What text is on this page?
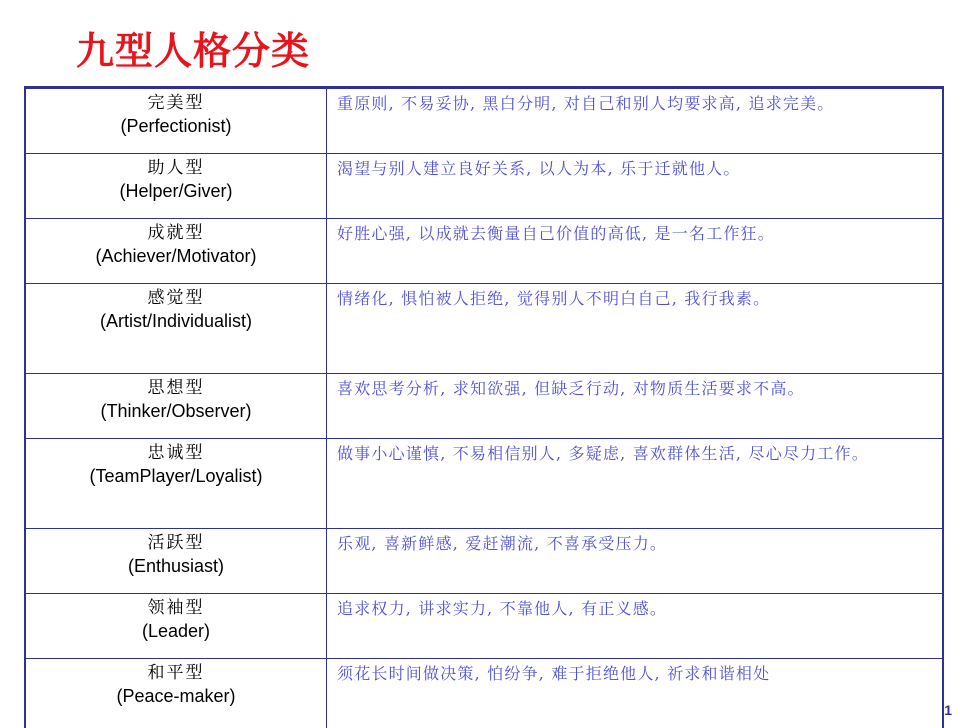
九型人格分类
完美型
(Perfectionist)	重原则, 不易妥协, 黑白分明, 对自己和别人均要求高, 追求完美。

助人型
(Helper/Giver)	渴望与别人建立良好关系, 以人为本, 乐于迁就他人。

成就型
(Achiever/Motivator)	好胜心强, 以成就去衡量自己价值的高低, 是一名工作狂。

感觉型
(Artist/Individualist)	情绪化, 惧怕被人拒绝, 觉得别人不明白自己, 我行我素。

思想型
(Thinker/Observer)	喜欢思考分析, 求知欲强, 但缺乏行动, 对物质生活要求不高。

忠诚型
(TeamPlayer/Loyalist)	做事小心谨慎, 不易相信别人, 多疑虑, 喜欢群体生活, 尽心尽力工作。

活跃型
(Enthusiast)	乐观, 喜新鲜感, 爱赶潮流, 不喜承受压力。

领袖型
(Leader)	追求权力, 讲求实力, 不靠他人, 有正义感。

和平型
(Peace-maker)	须花长时间做决策, 怕纷争, 难于拒绝他人, 祈求和谐相处
1
